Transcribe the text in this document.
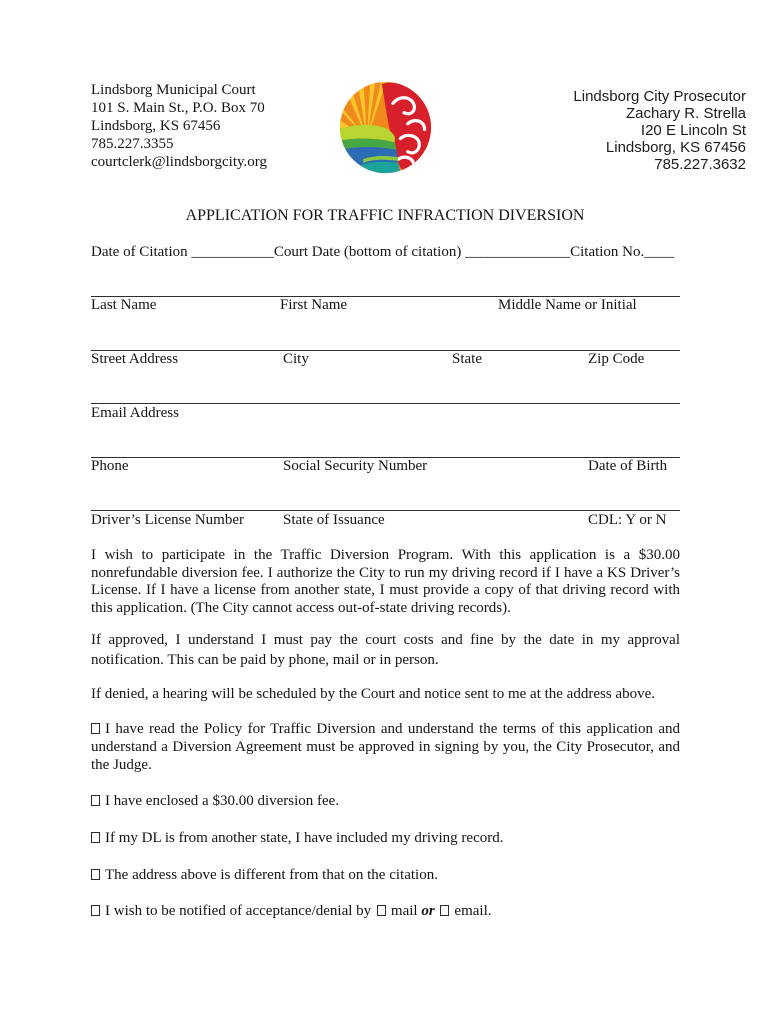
Lindsborg Municipal Court
101 S. Main St., P.O. Box 70
Lindsborg, KS 67456
785.227.3355
courtclerk@lindsborgcity.org
Lindsborg City Prosecutor
Zachary R. Strella
I20 E Lincoln St
Lindsborg, KS 67456
785.227.3632
APPLICATION FOR TRAFFIC INFRACTION DIVERSION
Date of Citation ___________Court Date (bottom of citation) ______________Citation No.____
Last Name	First Name	Middle Name or Initial
Street Address	City	State	Zip Code
Email Address
Phone	Social Security Number	Date of Birth
Driver’s License Number	State of Issuance	CDL: Y or N
I wish to participate in the Traffic Diversion Program. With this application is a $30.00
nonrefundable diversion fee. I authorize the City to run my driving record if I have a KS Driver’s
License. If I have a license from another state, I must provide a copy of that driving record with
this application. (The City cannot access out-of-state driving records).
If approved, I understand I must pay the court costs and fine by the date in my approval
notification. This can be paid by phone, mail or in person.
If denied, a hearing will be scheduled by the Court and notice sent to me at the address above.
I have read the Policy for Traffic Diversion and understand the terms of this application and
understand a Diversion Agreement must be approved in signing by you, the City Prosecutor, and
the Judge.
I have enclosed a $30.00 diversion fee.
If my DL is from another state, I have included my driving record.
The address above is different from that on the citation.
I wish to be notified of acceptance/denial by mail or email.
